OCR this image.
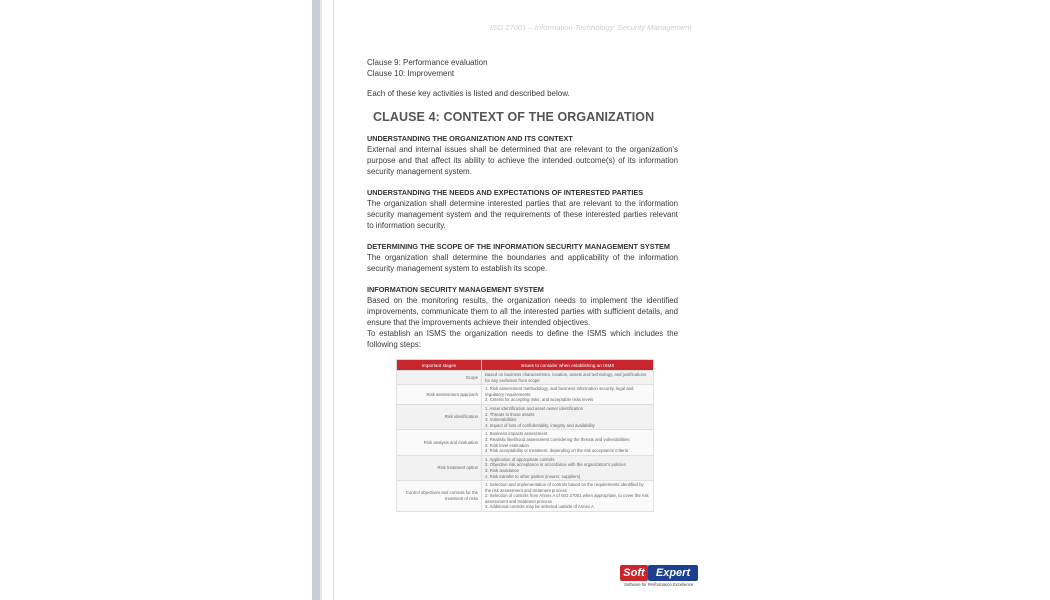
ISO 27001 – Information Technology: Security Management

Clause 9: Performance evaluation

Clause 10: Improvement

Each of these key activities is listed and described below.

CLAUSE 4: CONTEXT OF THE ORGANIZATION
UNDERSTANDING THE ORGANIZATION AND ITS CONTEXT

External and internal issues shall be determined that are relevant to the organization's purpose and that affect its ability to achieve the intended outcome(s) of its information security management system.

UNDERSTANDING THE NEEDS AND EXPECTATIONS OF INTERESTED PARTIES

The organization shall determine interested parties that are relevant to the information security management system and the requirements of these interested parties relevant to information security.

DETERMINING THE SCOPE OF THE INFORMATION SECURITY MANAGEMENT SYSTEM

The organization shall determine the boundaries and applicability of the information security management system to establish its scope.

INFORMATION SECURITY MANAGEMENT SYSTEM

Based on the monitoring results, the organization needs to implement the identified improvements, communicate them to all the interested parties with sufficient details, and ensure that the improvements achieve their intended objectives.

To establish an ISMS the organization needs to define the ISMS which includes the following steps:

Important stages	Issues to consider when establishing an ISMS
Scope	Based on business characteristics, location, assets and technology, and justifications for any exclusion from scope

Risk assessment approach	1. Risk assessment methodology, and business information security, legal and regulatory requirements
2. Criteria for accepting risks, and acceptable risks levels

Risk identification	1. Asset identification and asset owner identification
2. Threats to those assets
3. Vulnerabilities
4. Impact of loss of confidentiality, integrity and availability

Risk analysis and evaluation	1. Business impacts assessment
2. Realistic likelihood assessment considering the threats and vulnerabilities
3. Risk level estimation
4. Risk acceptability or treatment, depending on the risk acceptance criteria

Risk treatment option	1. Application of appropriate controls
2. Objective risk acceptance in accordance with the organization's policies
3. Risk avoidance
4. Risk transfer to other parties (insurer, suppliers)

Control objectives and controls for the treatment of risks	1. Selection and implementation of controls based on the requirements identified by the risk assessment and treatment process
2. Selection of controls from Annex A of ISO 27001 when appropriate, to cover the risk assessment and treatment process
3. Additional controls may be selected outside of Annex A
Soft	Expert
Software for Performance Excellence
